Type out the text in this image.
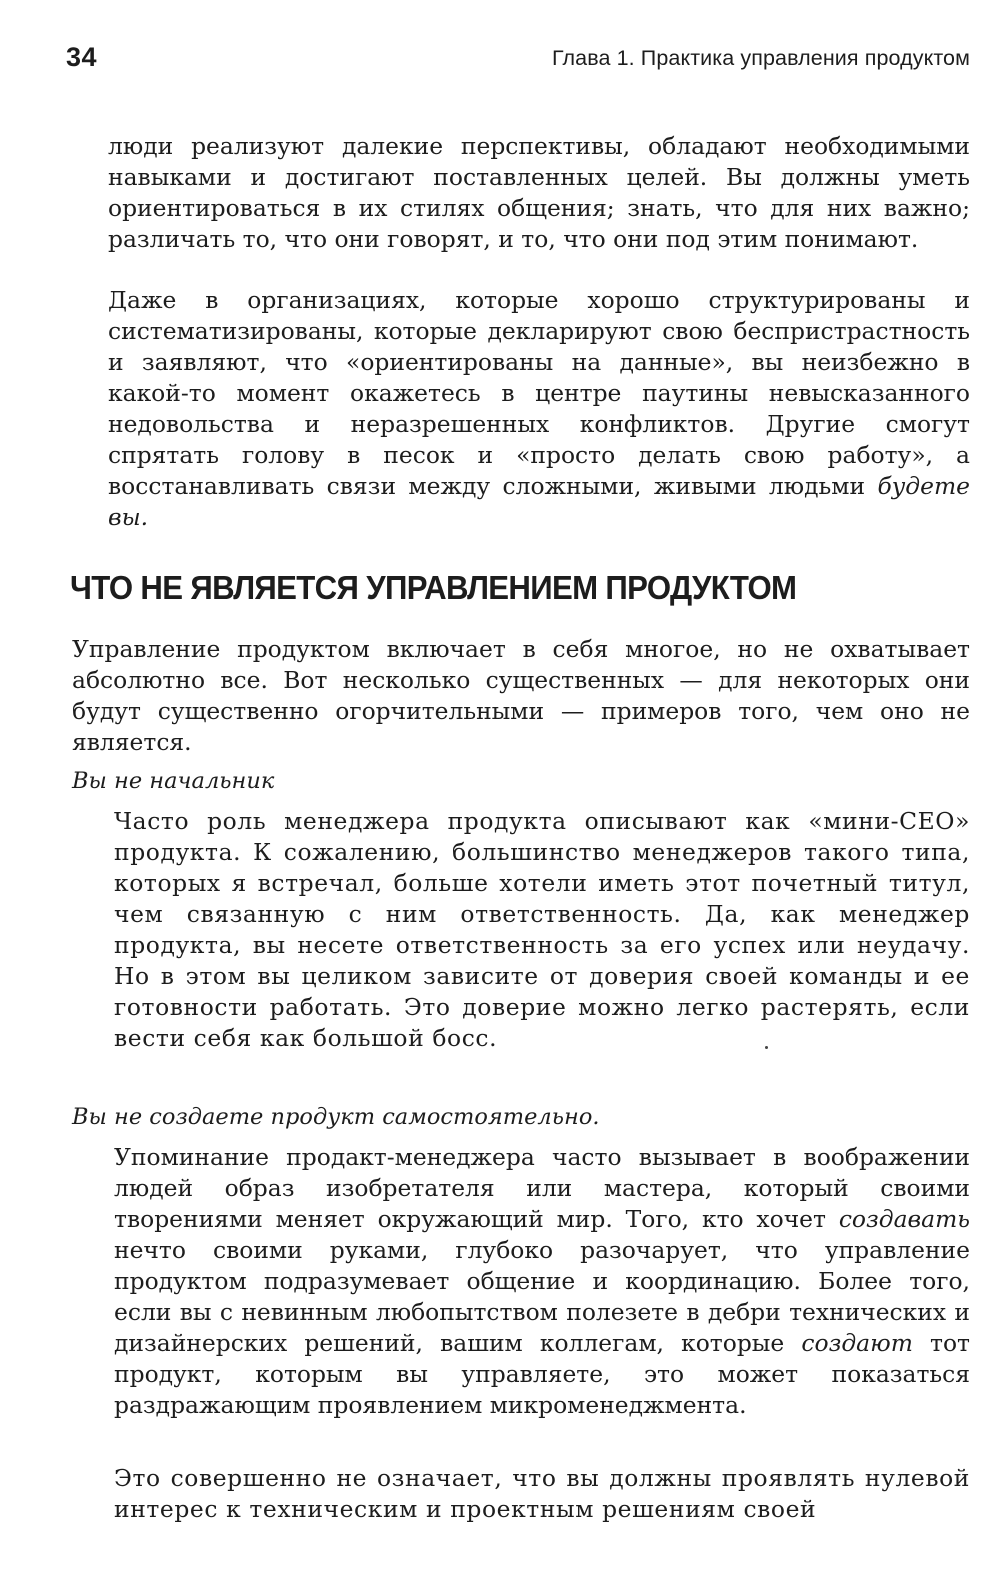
34	Глава 1. Практика управления продуктом

люди реализуют далекие перспективы, обладают необходимыми навыками и достигают поставленных целей. Вы должны уметь ориентироваться в их стилях общения; знать, что для них важно; различать то, что они говорят, и то, что они под этим понимают.

Даже в организациях, которые хорошо структурированы и систематизированы, которые декларируют свою беспристрастность и заявляют, что «ориентированы на данные», вы неизбежно в какой-то момент окажетесь в центре паутины невысказанного недовольства и неразрешенных конфликтов. Другие смогут спрятать голову в песок и «просто делать свою работу», а восстанавливать связи между сложными, живыми людьми будете вы.

ЧТО НЕ ЯВЛЯЕТСЯ УПРАВЛЕНИЕМ ПРОДУКТОМ

Управление продуктом включает в себя многое, но не охватывает абсолютно все. Вот несколько существенных — для некоторых они будут существенно огорчительными — примеров того, чем оно не является.

Вы не начальник

Часто роль менеджера продукта описывают как «мини-CEO» продукта. К сожалению, большинство менеджеров такого типа, которых я встречал, больше хотели иметь этот почетный титул, чем связанную с ним ответственность. Да, как менеджер продукта, вы несете ответственность за его успех или неудачу. Но в этом вы целиком зависите от доверия своей команды и ее готовности работать. Это доверие можно легко растерять, если вести себя как большой босс.

Вы не создаете продукт самостоятельно.

Упоминание продакт-менеджера часто вызывает в воображении людей образ изобретателя или мастера, который своими творениями меняет окружающий мир. Того, кто хочет создавать нечто своими руками, глубоко разочарует, что управление продуктом подразумевает общение и координацию. Более того, если вы с невинным любопытством полезете в дебри технических и дизайнерских решений, вашим коллегам, которые создают тот продукт, которым вы управляете, это может показаться раздражающим проявлением микроменеджмента.

Это совершенно не означает, что вы должны проявлять нулевой интерес к техническим и проектным решениям своей
